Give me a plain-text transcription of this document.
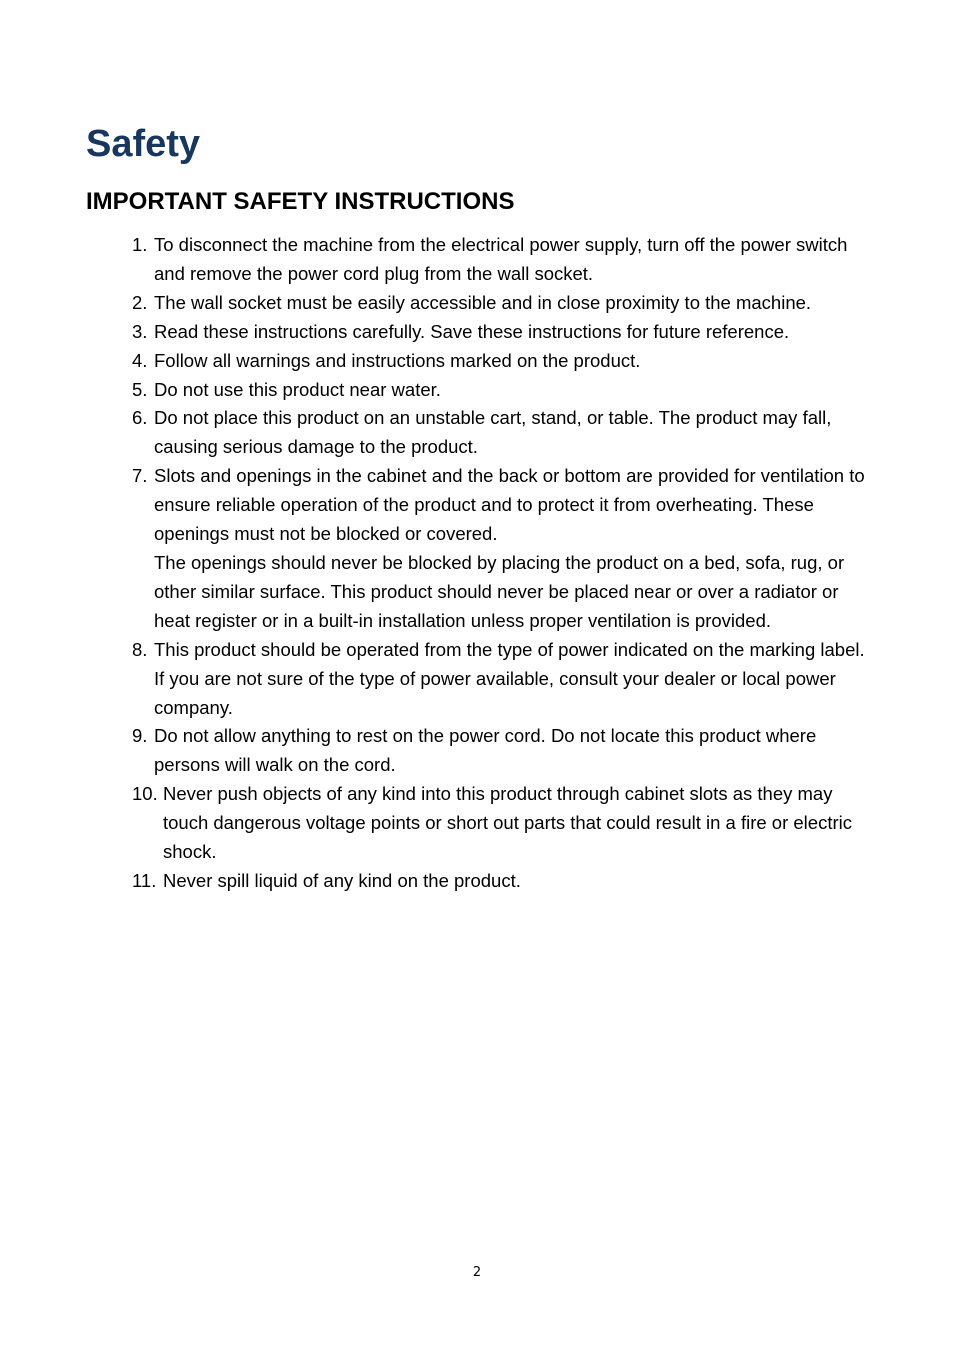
Safety
IMPORTANT SAFETY INSTRUCTIONS
1. To disconnect the machine from the electrical power supply, turn off the power switch and remove the power cord plug from the wall socket.
2. The wall socket must be easily accessible and in close proximity to the machine.
3. Read these instructions carefully. Save these instructions for future reference.
4. Follow all warnings and instructions marked on the product.
5. Do not use this product near water.
6. Do not place this product on an unstable cart, stand, or table. The product may fall, causing serious damage to the product.
7. Slots and openings in the cabinet and the back or bottom are provided for ventilation to ensure reliable operation of the product and to protect it from overheating. These openings must not be blocked or covered.
The openings should never be blocked by placing the product on a bed, sofa, rug, or other similar surface. This product should never be placed near or over a radiator or heat register or in a built-in installation unless proper ventilation is provided.
8. This product should be operated from the type of power indicated on the marking label. If you are not sure of the type of power available, consult your dealer or local power company.
9. Do not allow anything to rest on the power cord. Do not locate this product where persons will walk on the cord.
10. Never push objects of any kind into this product through cabinet slots as they may touch dangerous voltage points or short out parts that could result in a fire or electric shock.
11. Never spill liquid of any kind on the product.
2
